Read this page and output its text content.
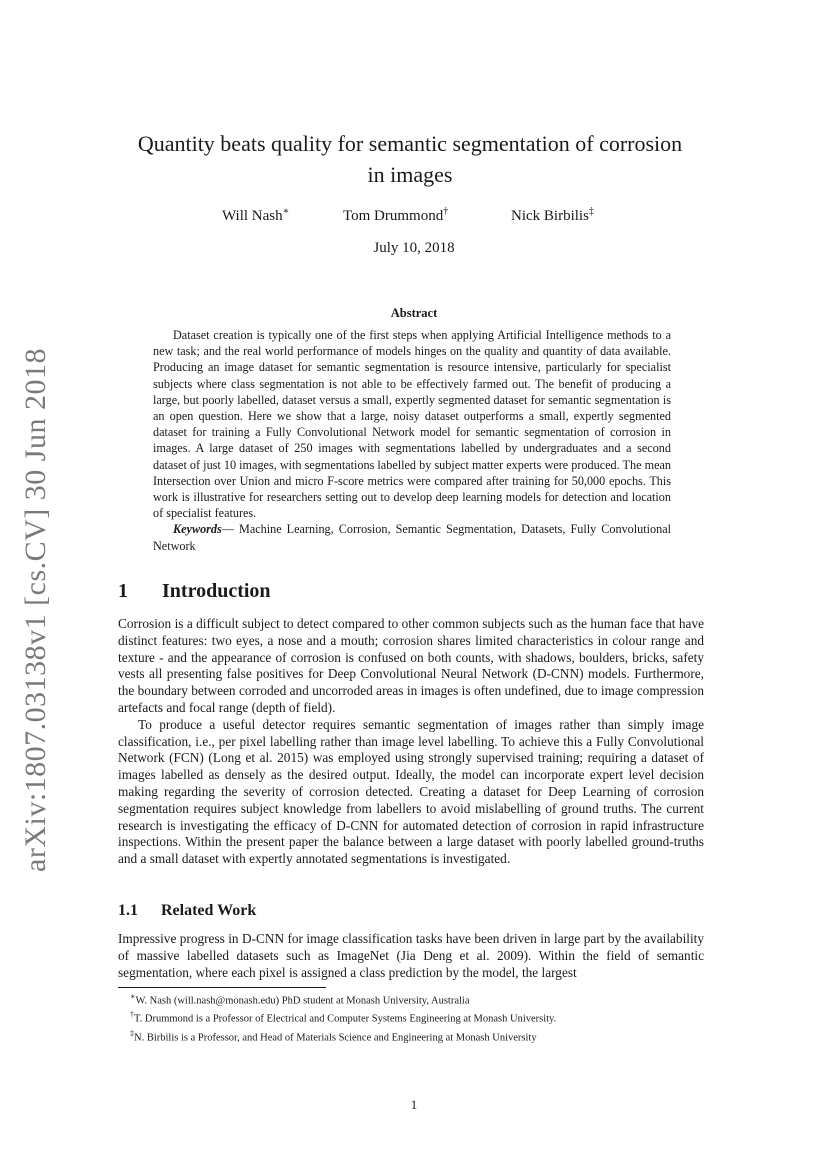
arXiv:1807.03138v1 [cs.CV] 30 Jun 2018
Quantity beats quality for semantic segmentation of corrosion in images
Will Nash∗	Tom Drummond†	Nick Birbilis‡
July 10, 2018
Abstract

Dataset creation is typically one of the first steps when applying Artificial Intelligence methods to a new task; and the real world performance of models hinges on the quality and quantity of data available. Producing an image dataset for semantic segmentation is resource intensive, particularly for specialist subjects where class segmentation is not able to be effectively farmed out. The benefit of producing a large, but poorly labelled, dataset versus a small, expertly segmented dataset for semantic segmentation is an open question. Here we show that a large, noisy dataset outperforms a small, expertly segmented dataset for training a Fully Convolutional Network model for semantic segmentation of corrosion in images. A large dataset of 250 images with segmentations labelled by undergraduates and a second dataset of just 10 images, with segmentations labelled by subject matter experts were produced. The mean Intersection over Union and micro F-score metrics were compared after training for 50,000 epochs. This work is illustrative for researchers setting out to develop deep learning models for detection and location of specialist features.

Keywords— Machine Learning, Corrosion, Semantic Segmentation, Datasets, Fully Convolutional Network

1 Introduction

Corrosion is a difficult subject to detect compared to other common subjects such as the human face that have distinct features: two eyes, a nose and a mouth; corrosion shares limited characteristics in colour range and texture - and the appearance of corrosion is confused on both counts, with shadows, boulders, bricks, safety vests all presenting false positives for Deep Convolutional Neural Network (D-CNN) models. Furthermore, the boundary between corroded and uncorroded areas in images is often undefined, due to image compression artefacts and focal range (depth of field).

To produce a useful detector requires semantic segmentation of images rather than simply image classification, i.e., per pixel labelling rather than image level labelling. To achieve this a Fully Convolutional Network (FCN) (Long et al. 2015) was employed using strongly supervised training; requiring a dataset of images labelled as densely as the desired output. Ideally, the model can incorporate expert level decision making regarding the severity of corrosion detected. Creating a dataset for Deep Learning of corrosion segmentation requires subject knowledge from labellers to avoid mislabelling of ground truths. The current research is investigating the efficacy of D-CNN for automated detection of corrosion in rapid infrastructure inspections. Within the present paper the balance between a large dataset with poorly labelled ground-truths and a small dataset with expertly annotated segmentations is investigated.

1.1 Related Work

Impressive progress in D-CNN for image classification tasks have been driven in large part by the availability of massive labelled datasets such as ImageNet (Jia Deng et al. 2009). Within the field of semantic segmentation, where each pixel is assigned a class prediction by the model, the largest

∗W. Nash (will.nash@monash.edu) PhD student at Monash University, Australia
†T. Drummond is a Professor of Electrical and Computer Systems Engineering at Monash University.
‡N. Birbilis is a Professor, and Head of Materials Science and Engineering at Monash University
1
